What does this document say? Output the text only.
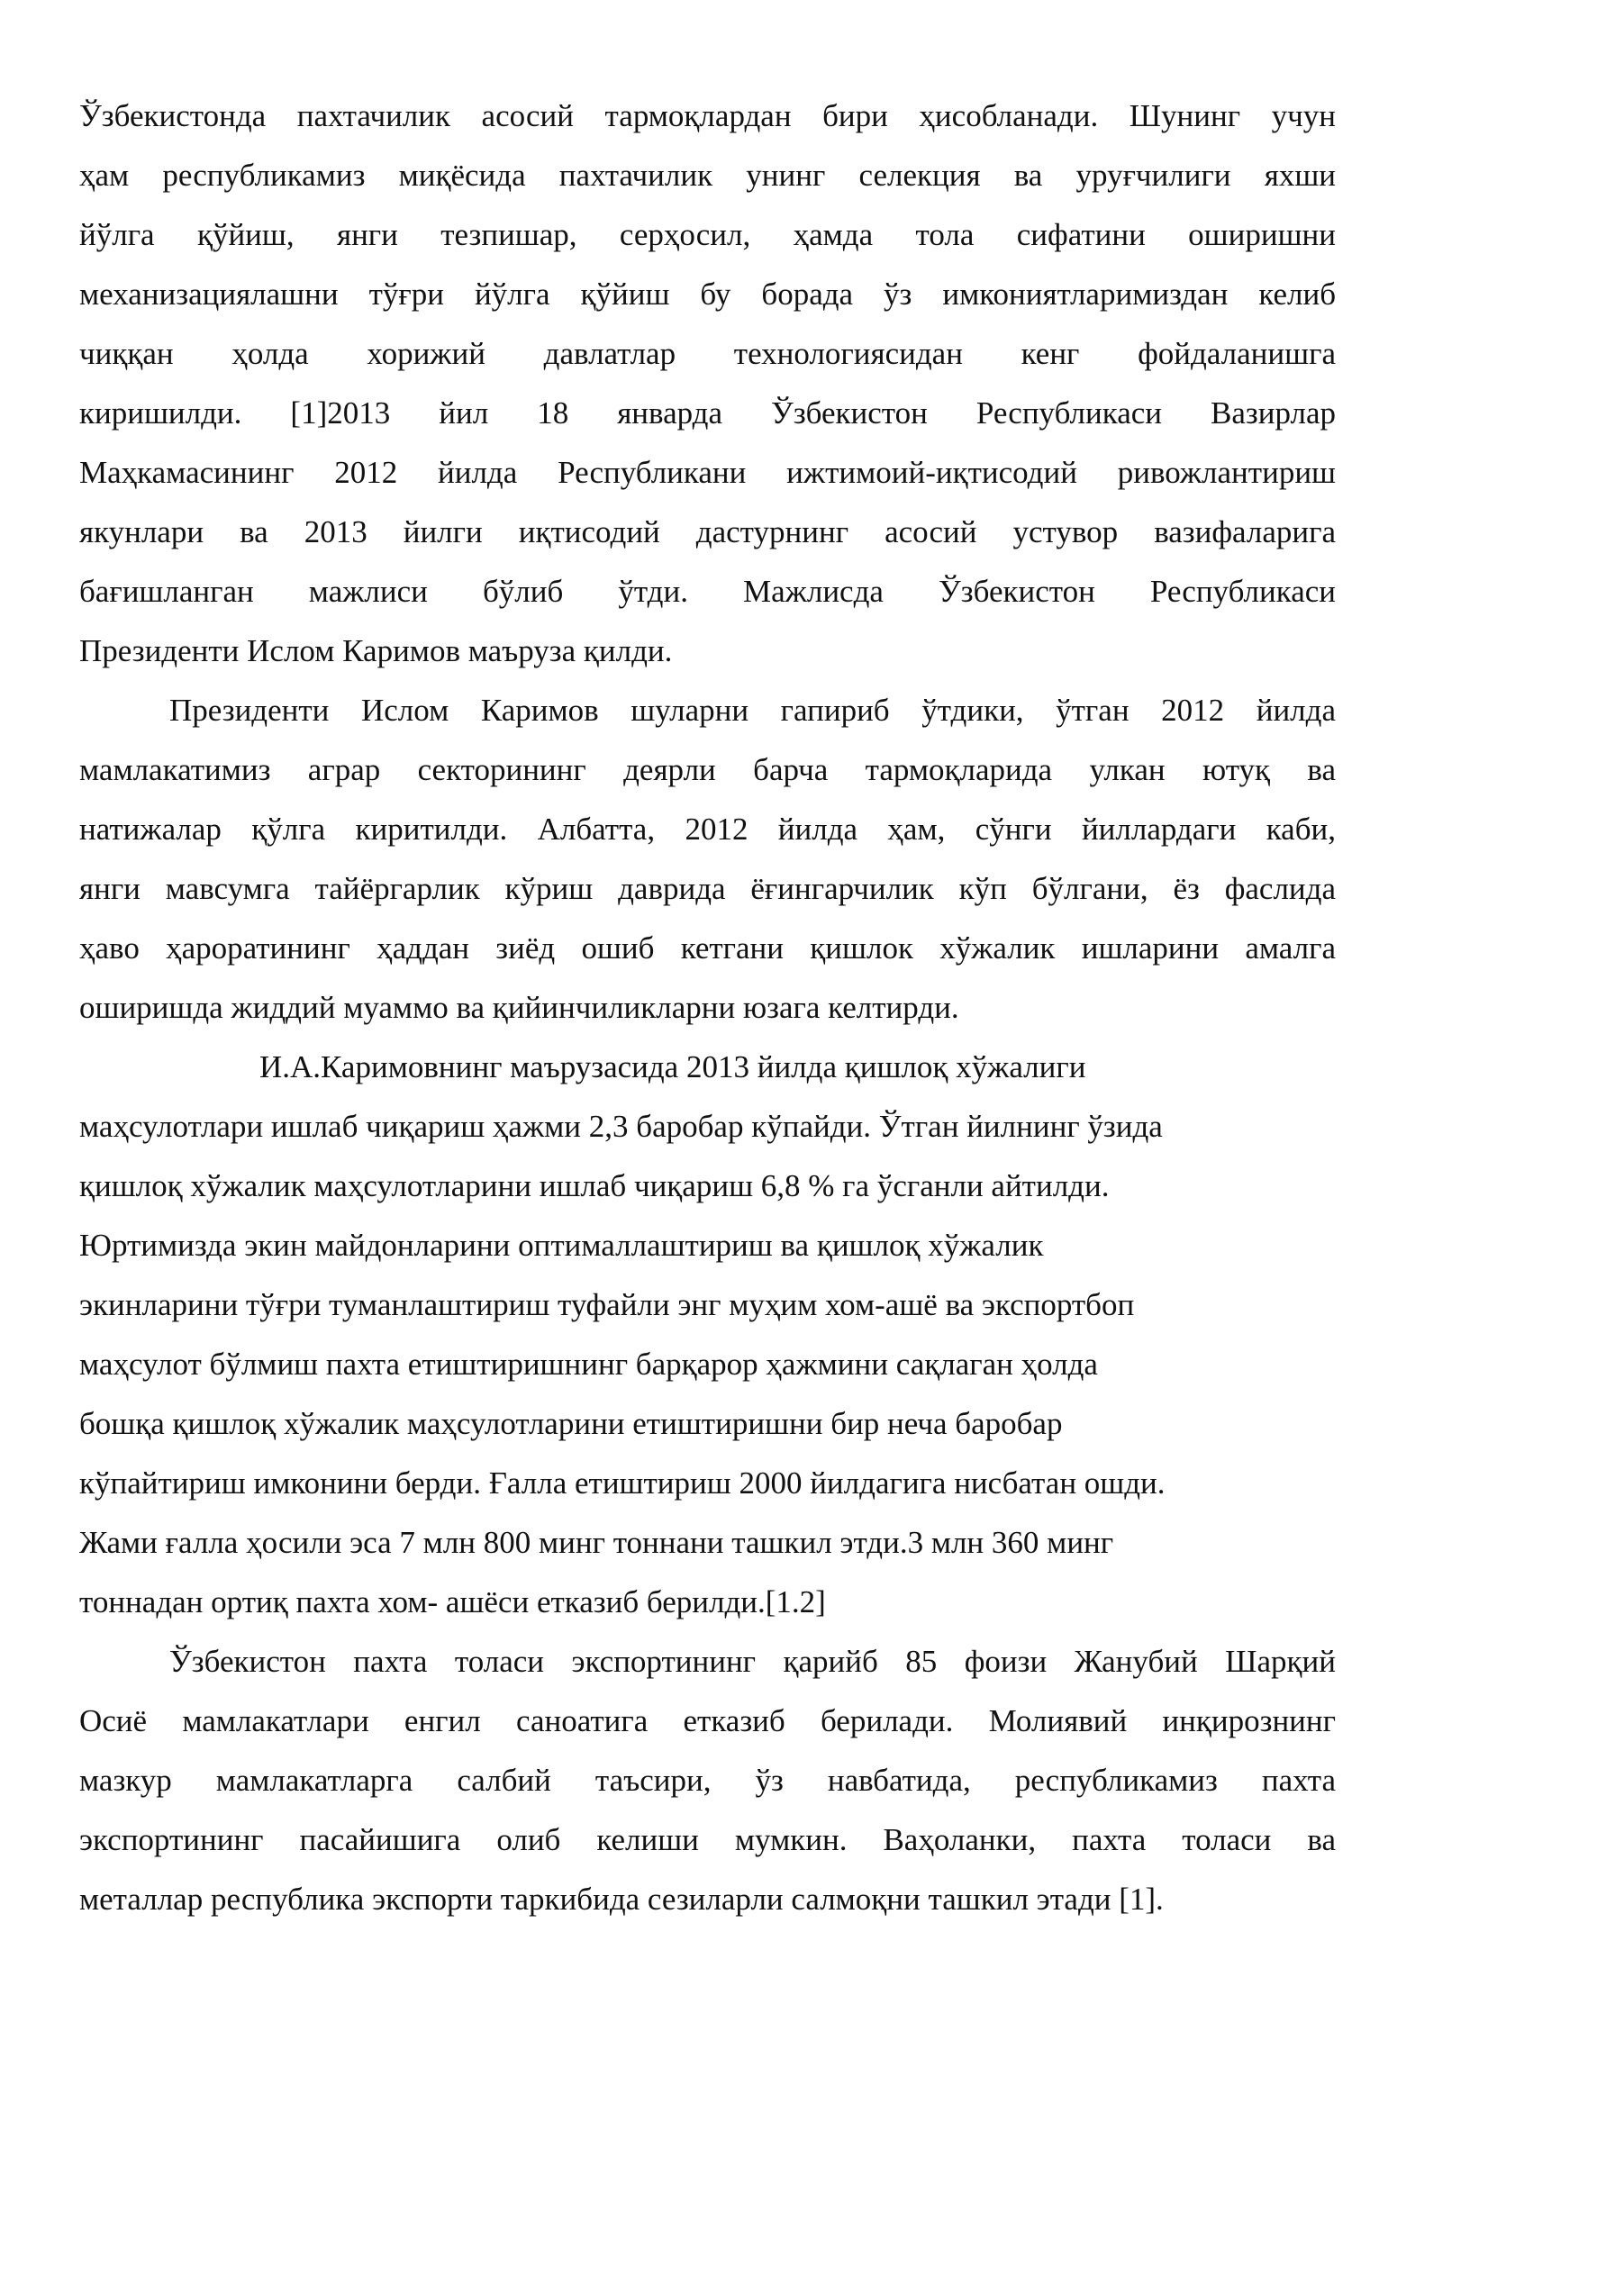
Ўзбекистонда пахтачилик асосий тармоқлардан бири ҳисобланади. Шунинг учун
ҳам республикамиз миқёсида пахтачилик унинг селекция ва уруғчилиги яхши
йўлга қўйиш, янги тезпишар, серҳосил, ҳамда тола сифатини оширишни
механизациялашни тўғри йўлга қўйиш бу борада ўз имкониятларимиздан келиб
чиққан ҳолда хорижий давлатлар технологиясидан кенг фойдаланишга
киришилди. [1]2013 йил 18 январда Ўзбекистон Республикаси Вазирлар
Маҳкамасининг 2012 йилда Республикани ижтимоий-иқтисодий ривожлантириш
якунлари ва 2013 йилги иқтисодий дастурнинг асосий устувор вазифаларига
бағишланган мажлиси бўлиб ўтди. Мажлисда Ўзбекистон Республикаси
Президенти Ислом Каримов маъруза қилди.
Президенти Ислом Каримов шуларни гапириб ўтдики, ўтган 2012 йилда
мамлакатимиз аграр секторининг деярли барча тармоқларида улкан ютуқ ва
натижалар қўлга киритилди. Албатта, 2012 йилда ҳам, сўнги йиллардаги каби,
янги мавсумга тайёргарлик кўриш даврида ёғингарчилик кўп бўлгани, ёз фаслида
ҳаво ҳароратининг ҳаддан зиёд ошиб кетгани қишлок хўжалик ишларини амалга
оширишда жиддий муаммо ва қийинчиликларни юзага келтирди.
И.А.Каримовнинг маърузасида 2013 йилда қишлоқ хўжалиги
маҳсулотлари ишлаб чиқариш ҳажми 2,3 баробар кўпайди. Ўтган йилнинг ўзида
қишлоқ хўжалик маҳсулотларини ишлаб чиқариш 6,8 % га ўсганли айтилди.
Юртимизда экин майдонларини оптималлаштириш ва қишлоқ хўжалик
экинларини тўғри туманлаштириш туфайли энг муҳим хом-ашё ва экспортбоп
маҳсулот бўлмиш пахта етиштиришнинг барқарор ҳажмини сақлаган ҳолда
бошқа қишлоқ хўжалик маҳсулотларини етиштиришни бир неча баробар
кўпайтириш имконини берди. Ғалла етиштириш 2000 йилдагига нисбатан ошди.
Жами ғалла ҳосили эса 7 млн 800 минг тоннани ташкил этди.3 млн 360 минг
тоннадан ортиқ пахта хом- ашёси етказиб берилди.[1.2]
Ўзбекистон пахта толаси экспортининг қарийб 85 фоизи Жанубий Шарқий
Осиё мамлакатлари енгил саноатига етказиб берилади. Молиявий инқирознинг
мазкур мамлакатларга салбий таъсири, ўз навбатида, республикамиз пахта
экспортининг пасайишига олиб келиши мумкин. Ваҳоланки, пахта толаси ва
металлар республика экспорти таркибида сезиларли салмоқни ташкил этади [1].
